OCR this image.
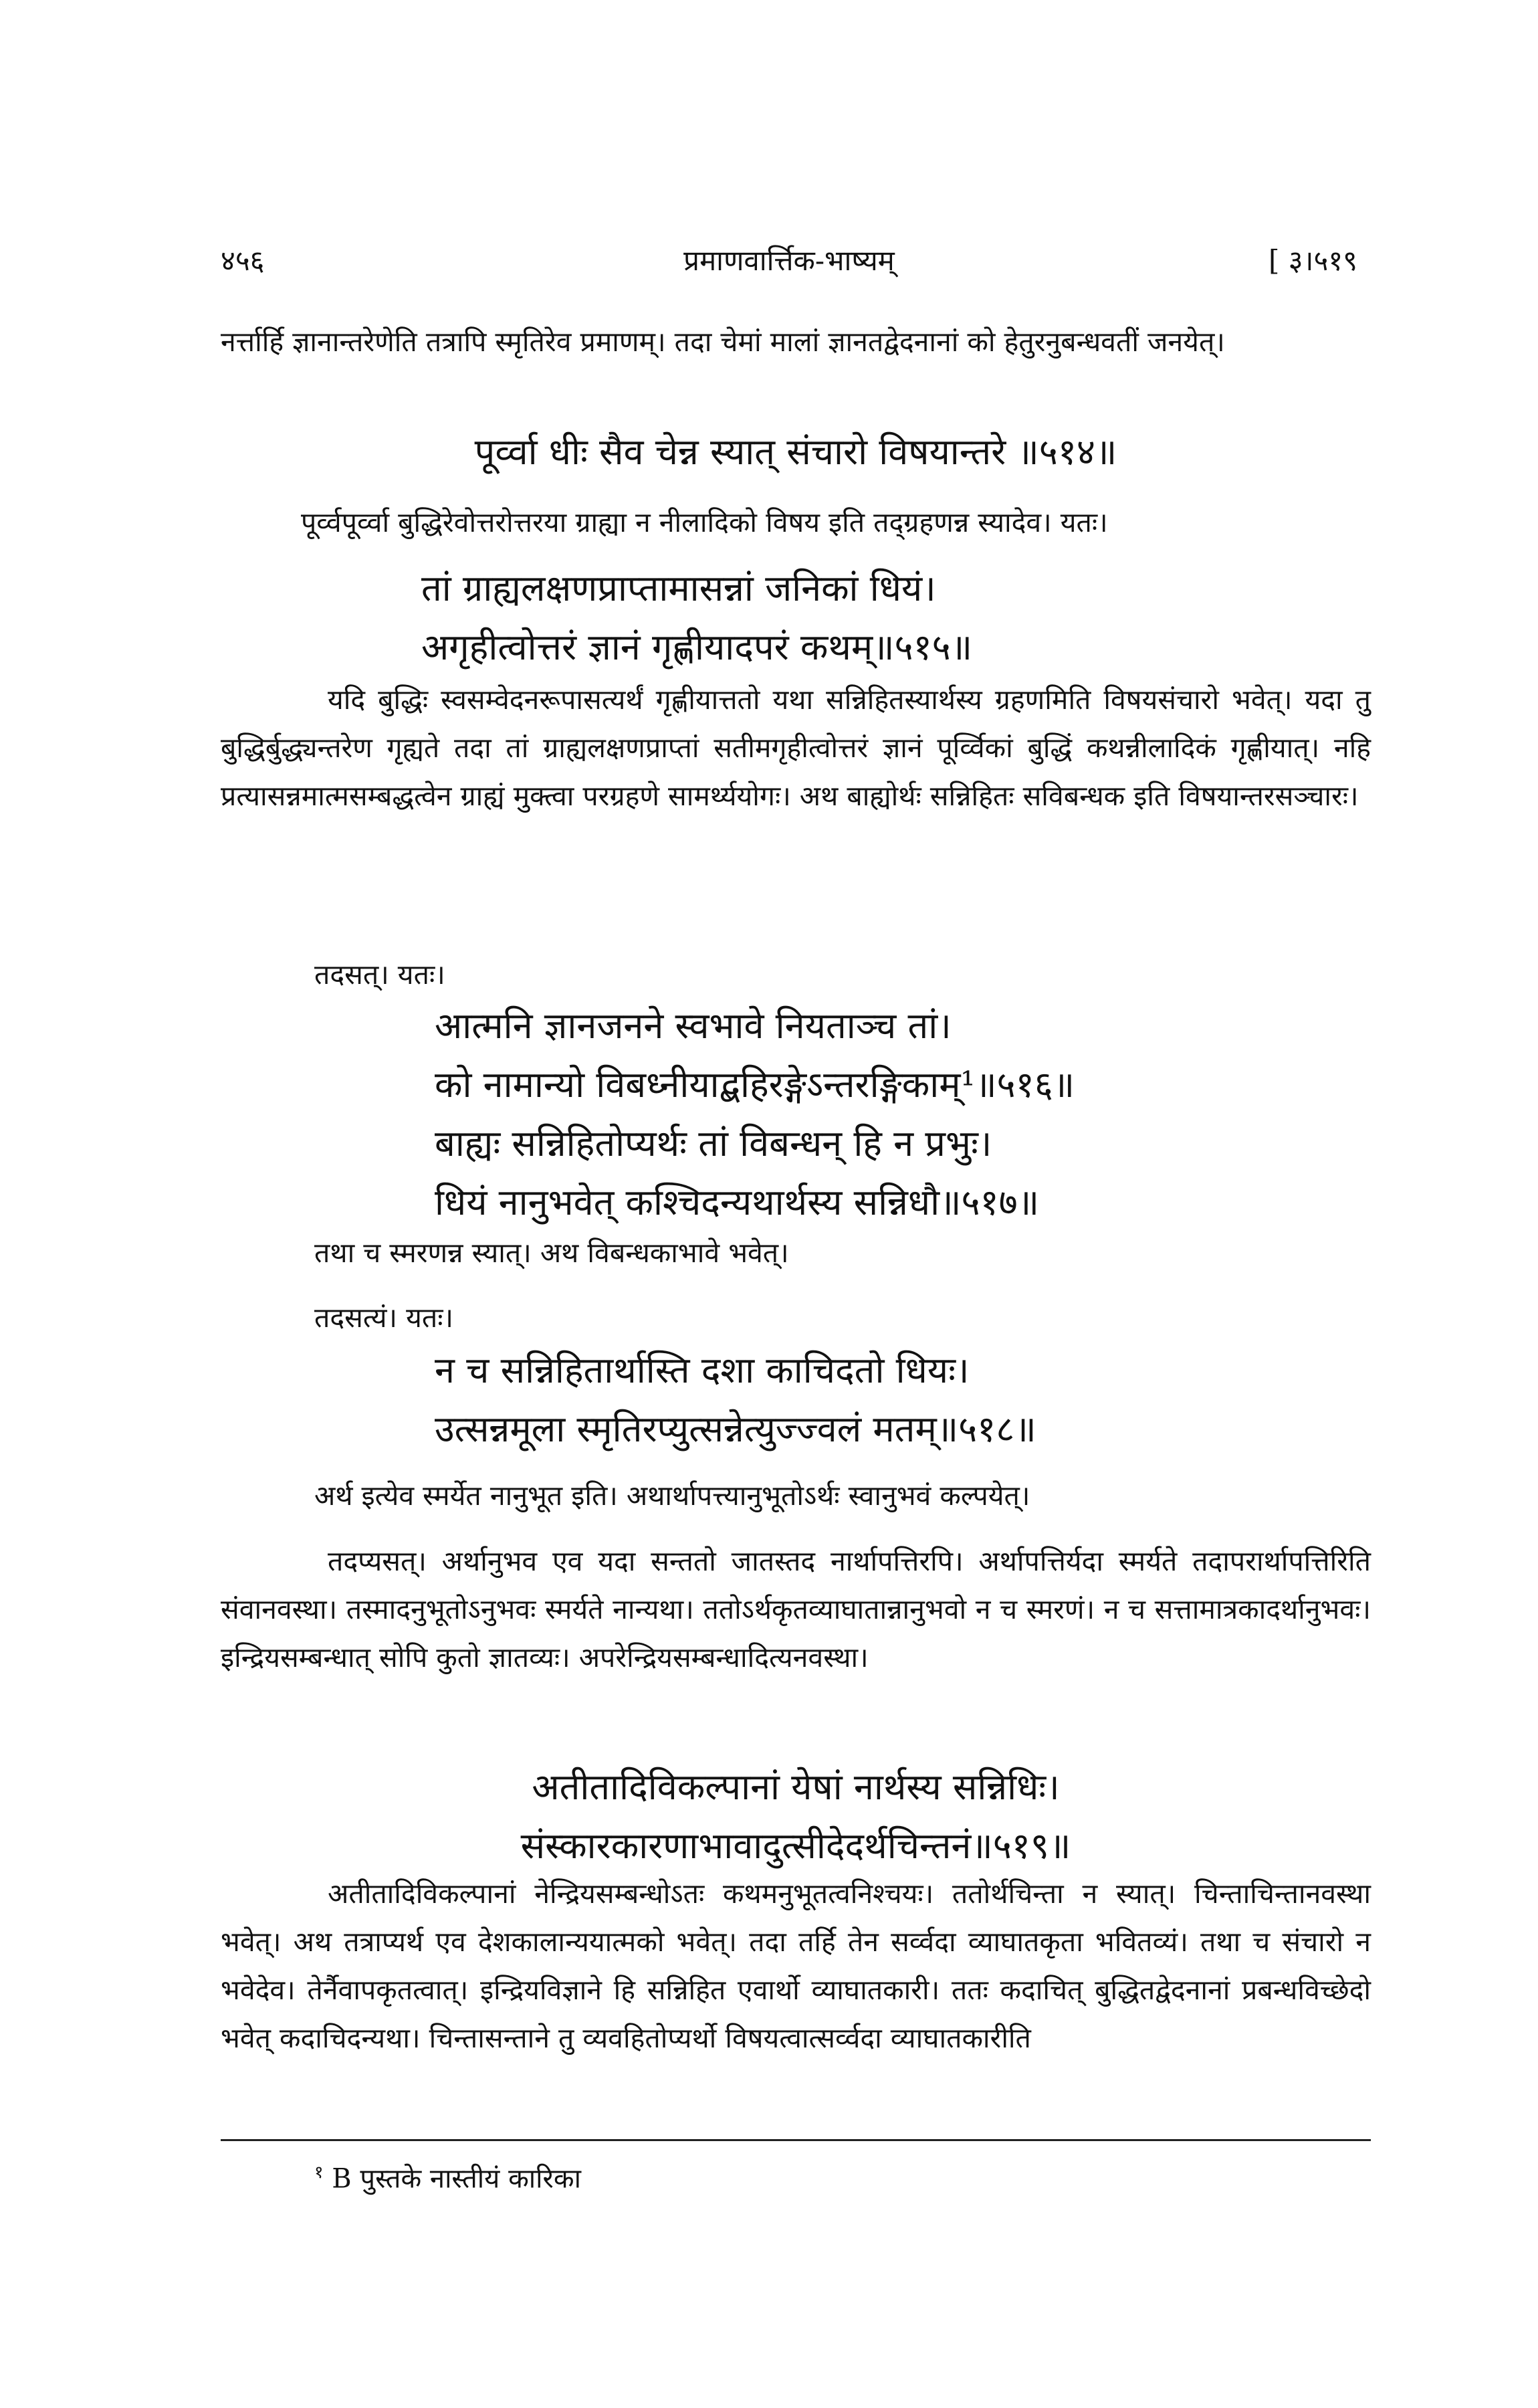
४५६	प्रमाणवार्त्तिक-भाष्यम्	[ ३।५१९

नर्त्तार्हि ज्ञानान्तरेणेति तत्रापि स्मृतिरेव प्रमाणम्। तदा चेमां मालां ज्ञानतद्वेदनानां को हेतुरनुबन्धवतीं जनयेत्।

पूर्व्वा धीः सैव चेन्न स्यात् संचारो विषयान्तरे ॥५१४॥

पूर्व्वपूर्व्वा बुद्धिरेवोत्तरोत्तरया ग्राह्या न नीलादिको विषय इति तद्ग्रहणन्न स्यादेव। यतः।

तां ग्राह्यलक्षणप्राप्तामासन्नां जनिकां धियं।
अगृहीत्वोत्तरं ज्ञानं गृह्णीयादपरं कथम्॥५१५॥

यदि बुद्धिः स्वसम्वेदनरूपासत्यर्थं गृह्णीयात्ततो यथा सन्निहितस्यार्थस्य ग्रहणमिति विषयसंचारो भवेत्। यदा तु बुद्धिर्बुद्ध्यन्तरेण गृह्यते तदा तां ग्राह्यलक्षणप्राप्तां सतीमगृहीत्वोत्तरं ज्ञानं पूर्व्विकां बुद्धिं कथन्नीलादिकं गृह्णीयात्। नहि प्रत्यासन्नमात्मसम्बद्धत्वेन ग्राह्यं मुक्त्वा परग्रहणे सामर्थ्ययोगः। अथ बाह्योर्थः सन्निहितः सविबन्धक इति विषयान्तरसञ्चारः।

तदसत्। यतः।
आत्मनि ज्ञानजनने स्वभावे नियताञ्च तां।
को नामान्यो विबध्नीयाद्बहिरङ्गेऽन्तरङ्गिकाम्¹॥५१६॥
बाह्यः सन्निहितोप्यर्थः तां विबन्धन् हि न प्रभुः।
धियं नानुभवेत् कश्चिदन्यथार्थस्य सन्निधौ॥५१७॥
तथा च स्मरणन्न स्यात्। अथ विबन्धकाभावे भवेत्।
तदसत्यं। यतः।
न च सन्निहितार्थास्ति दशा काचिदतो धियः।
उत्सन्नमूला स्मृतिरप्युत्सन्नेत्युज्ज्वलं मतम्॥५१८॥

अर्थ इत्येव स्मर्येत नानुभूत इति। अथार्थापत्त्यानुभूतोऽर्थः स्वानुभवं कल्पयेत्।

तदप्यसत्। अर्थानुभव एव यदा सन्ततो जातस्तद नार्थापत्तिरपि। अर्थापत्तिर्यदा स्मर्यते तदापरार्थापत्तिरिति संवानवस्था। तस्मादनुभूतोऽनुभवः स्मर्यते नान्यथा। ततोऽर्थकृतव्याघातान्नानुभवो न च स्मरणं। न च सत्तामात्रकादर्थानुभवः। इन्द्रियसम्बन्धात् सोपि कुतो ज्ञातव्यः। अपरेन्द्रियसम्बन्धादित्यनवस्था।

अतीतादिविकल्पानां येषां नार्थस्य सन्निधिः।
संस्कारकारणाभावादुत्सीदेदर्थचिन्तनं॥५१९॥

अतीतादिविकल्पानां नेन्द्रियसम्बन्धोऽतः कथमनुभूतत्वनिश्चयः। ततोर्थचिन्ता न स्यात्। चिन्ताचिन्तानवस्था भवेत्। अथ तत्राप्यर्थ एव देशकालान्ययात्मको भवेत्। तदा तर्हि तेन सर्व्वदा व्याघातकृता भवितव्यं। तथा च संचारो न भवेदेव। तेर्नैवापकृतत्वात्। इन्द्रियविज्ञाने हि सन्निहित एवार्थो व्याघातकारी। ततः कदाचित् बुद्धितद्वेदनानां प्रबन्धविच्छेदो भवेत् कदाचिदन्यथा। चिन्तासन्ताने तु व्यवहितोप्यर्थो विषयत्वात्सर्व्वदा व्याघातकारीति

$^१$ B पुस्तके नास्तीयं कारिका
